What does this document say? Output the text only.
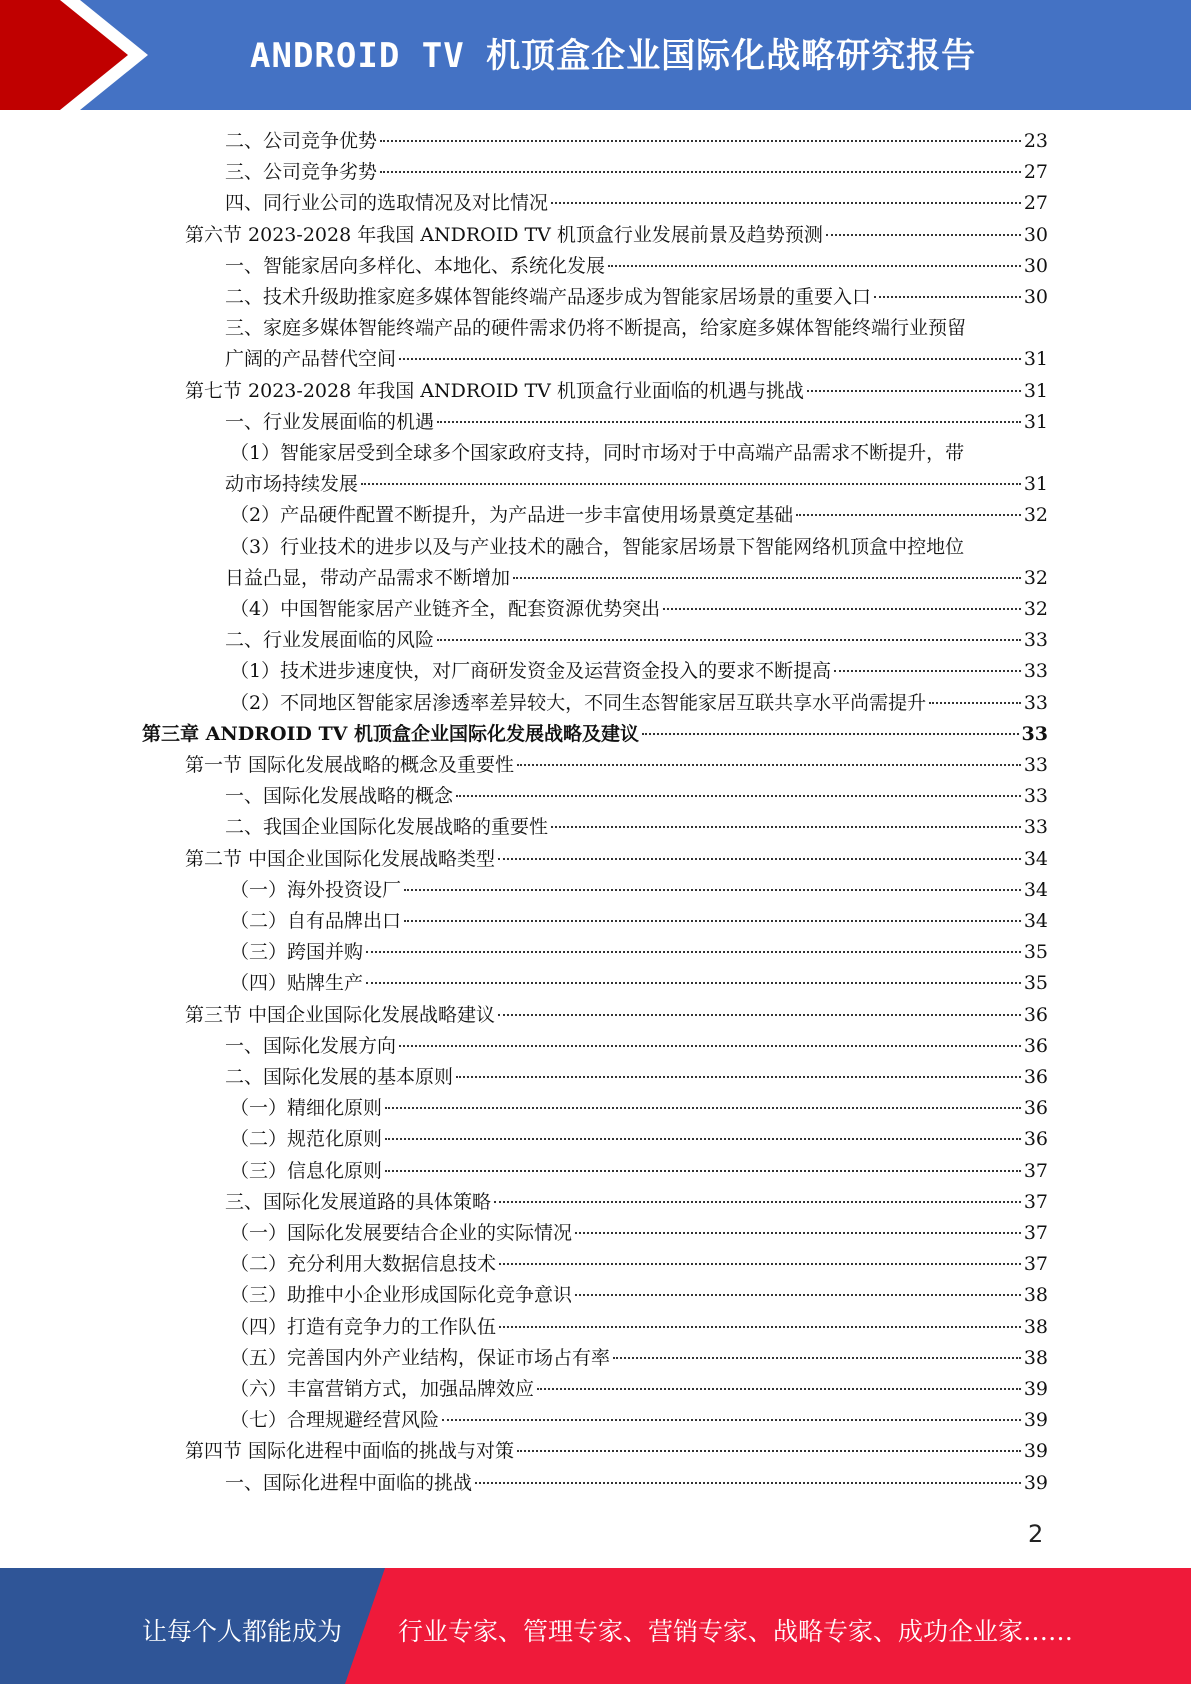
ANDROID TV 机顶盒企业国际化战略研究报告
二、公司竞争优势	23
三、公司竞争劣势	27
四、同行业公司的选取情况及对比情况	27
第六节 2023-2028 年我国 ANDROID TV 机顶盒行业发展前景及趋势预测	30
一、智能家居向多样化、本地化、系统化发展	30
二、技术升级助推家庭多媒体智能终端产品逐步成为智能家居场景的重要入口	30
三、家庭多媒体智能终端产品的硬件需求仍将不断提高，给家庭多媒体智能终端行业预留
广阔的产品替代空间	31
第七节 2023-2028 年我国 ANDROID TV 机顶盒行业面临的机遇与挑战	31
一、行业发展面临的机遇	31
（1）智能家居受到全球多个国家政府支持，同时市场对于中高端产品需求不断提升，带
动市场持续发展	31
（2）产品硬件配置不断提升，为产品进一步丰富使用场景奠定基础	32
（3）行业技术的进步以及与产业技术的融合，智能家居场景下智能网络机顶盒中控地位
日益凸显，带动产品需求不断增加	32
（4）中国智能家居产业链齐全，配套资源优势突出	32
二、行业发展面临的风险	33
（1）技术进步速度快，对厂商研发资金及运营资金投入的要求不断提高	33
（2）不同地区智能家居渗透率差异较大，不同生态智能家居互联共享水平尚需提升	33
第三章 ANDROID TV 机顶盒企业国际化发展战略及建议	33
第一节 国际化发展战略的概念及重要性	33
一、国际化发展战略的概念	33
二、我国企业国际化发展战略的重要性	33
第二节 中国企业国际化发展战略类型	34
（一）海外投资设厂	34
（二）自有品牌出口	34
（三）跨国并购	35
（四）贴牌生产	35
第三节 中国企业国际化发展战略建议	36
一、国际化发展方向	36
二、国际化发展的基本原则	36
（一）精细化原则	36
（二）规范化原则	36
（三）信息化原则	37
三、国际化发展道路的具体策略	37
（一）国际化发展要结合企业的实际情况	37
（二）充分利用大数据信息技术	37
（三）助推中小企业形成国际化竞争意识	38
（四）打造有竞争力的工作队伍	38
（五）完善国内外产业结构，保证市场占有率	38
（六）丰富营销方式，加强品牌效应	39
（七）合理规避经营风险	39
第四节 国际化进程中面临的挑战与对策	39
一、国际化进程中面临的挑战	39
2
让每个人都能成为 行业专家、管理专家、营销专家、战略专家、成功企业家……
